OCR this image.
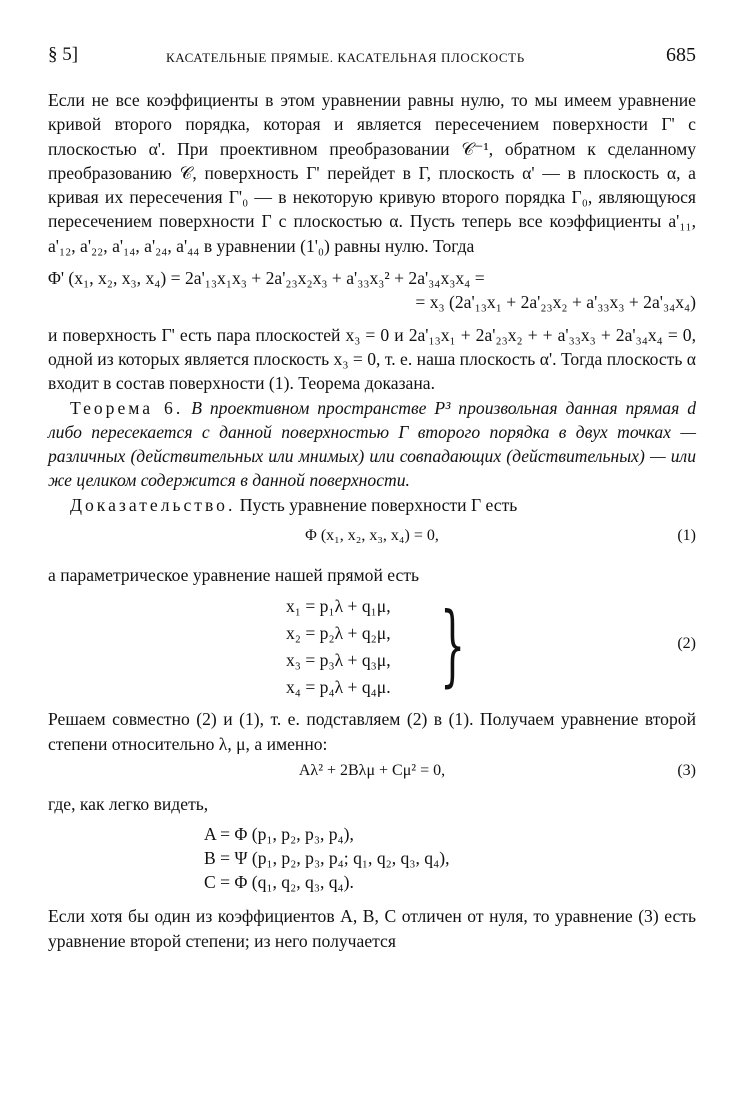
§ 5]	КАСАТЕЛЬНЫЕ ПРЯМЫЕ. КАСАТЕЛЬНАЯ ПЛОСКОСТЬ	685

Если не все коэффициенты в этом уравнении равны нулю, то мы имеем уравнение кривой второго порядка, которая и является пересечением поверхности Γ' с плоскостью α'. При проективном преобразовании 𝒞⁻¹, обратном к сделанному преобразованию 𝒞, поверхность Γ' перейдет в Γ, плоскость α' — в плоскость α, а кривая их пересечения Γ'₀ — в некоторую кривую второго порядка Γ₀, являющуюся пересечением поверхности Γ с плоскостью α. Пусть теперь все коэффициенты a'₁₁, a'₁₂, a'₂₂, a'₁₄, a'₂₄, a'₄₄ в уравнении (1'₀) равны нулю. Тогда

Φ' (x₁, x₂, x₃, x₄) = 2a'₁₃x₁x₃ + 2a'₂₃x₂x₃ + a'₃₃x₃² + 2a'₃₄x₃x₄ =
= x₃ (2a'₁₃x₁ + 2a'₂₃x₂ + a'₃₃x₃ + 2a'₃₄x₄)

и поверхность Γ' есть пара плоскостей x₃ = 0 и 2a'₁₃x₁ + 2a'₂₃x₂ + + a'₃₃x₃ + 2a'₃₄x₄ = 0, одной из которых является плоскость x₃ = 0, т. е. наша плоскость α'. Тогда плоскость α входит в состав поверхности (1). Теорема доказана.

Теорема 6. В проективном пространстве P³ произвольная данная прямая d либо пересекается с данной поверхностью Γ второго порядка в двух точках — различных (действительных или мнимых) или совпадающих (действительных) — или же целиком содержится в данной поверхности.

Доказательство. Пусть уравнение поверхности Γ есть

Φ (x₁, x₂, x₃, x₄) = 0,	(1)

а параметрическое уравнение нашей прямой есть

x₁ = p₁λ + q₁μ,
x₂ = p₂λ + q₂μ,
x₃ = p₃λ + q₃μ,
x₄ = p₄λ + q₄μ. }	(2)

Решаем совместно (2) и (1), т. е. подставляем (2) в (1). Получаем уравнение второй степени относительно λ, μ, а именно:

Aλ² + 2Bλμ + Cμ² = 0,	(3)

где, как легко видеть,

A = Φ (p₁, p₂, p₃, p₄),
B = Ψ (p₁, p₂, p₃, p₄; q₁, q₂, q₃, q₄),
C = Φ (q₁, q₂, q₃, q₄).

Если хотя бы один из коэффициентов A, B, C отличен от нуля, то уравнение (3) есть уравнение второй степени; из него получается
